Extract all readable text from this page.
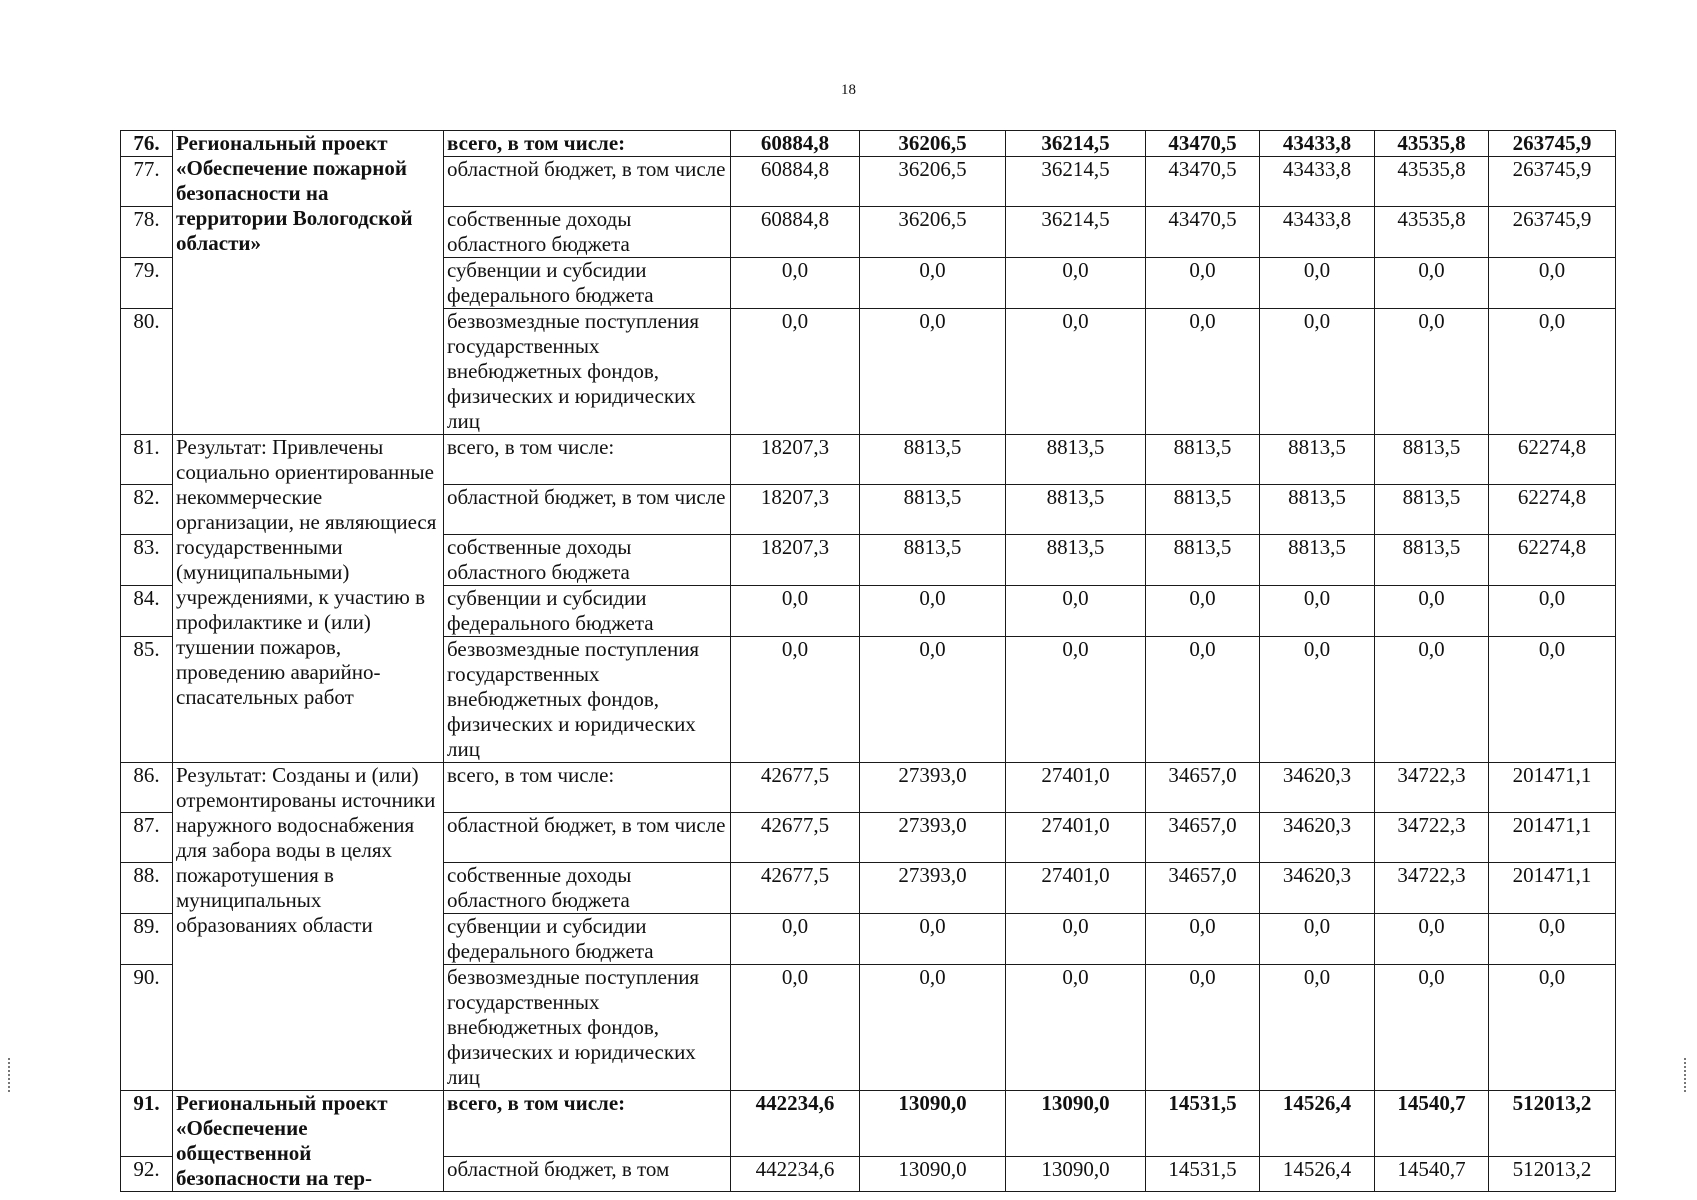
18
76.	Региональный проект «Обеспечение пожарной безопасности на территории Вологодской области»	всего, в том числе:	60884,8	36206,5	36214,5	43470,5	43433,8	43535,8	263745,9
77.		областной бюджет, в том числе	60884,8	36206,5	36214,5	43470,5	43433,8	43535,8	263745,9
78.		собственные доходы областного бюджета	60884,8	36206,5	36214,5	43470,5	43433,8	43535,8	263745,9
79.		субвенции и субсидии федерального бюджета	0,0	0,0	0,0	0,0	0,0	0,0	0,0
80.		безвозмездные поступления государственных внебюджетных фондов, физических и юридических лиц	0,0	0,0	0,0	0,0	0,0	0,0	0,0
81.	Результат: Привлечены социально ориентированные некоммерческие организации, не являющиеся государственными (муниципальными) учреждениями, к участию в профилактике и (или) тушении пожаров, проведению аварийно-спасательных работ	всего, в том числе:	18207,3	8813,5	8813,5	8813,5	8813,5	8813,5	62274,8
82.		областной бюджет, в том числе	18207,3	8813,5	8813,5	8813,5	8813,5	8813,5	62274,8
83.		собственные доходы областного бюджета	18207,3	8813,5	8813,5	8813,5	8813,5	8813,5	62274,8
84.		субвенции и субсидии федерального бюджета	0,0	0,0	0,0	0,0	0,0	0,0	0,0
85.		безвозмездные поступления государственных внебюджетных фондов, физических и юридических лиц	0,0	0,0	0,0	0,0	0,0	0,0	0,0
86.	Результат: Созданы и (или) отремонтированы источники наружного водоснабжения для забора воды в целях пожаротушения в муниципальных образованиях области	всего, в том числе:	42677,5	27393,0	27401,0	34657,0	34620,3	34722,3	201471,1
87.		областной бюджет, в том числе	42677,5	27393,0	27401,0	34657,0	34620,3	34722,3	201471,1
88.		собственные доходы областного бюджета	42677,5	27393,0	27401,0	34657,0	34620,3	34722,3	201471,1
89.		субвенции и субсидии федерального бюджета	0,0	0,0	0,0	0,0	0,0	0,0	0,0
90.		безвозмездные поступления государственных внебюджетных фондов, физических и юридических лиц	0,0	0,0	0,0	0,0	0,0	0,0	0,0
91.	Региональный проект «Обеспечение общественной безопасности на тер-	всего, в том числе:	442234,6	13090,0	13090,0	14531,5	14526,4	14540,7	512013,2
92.		областной бюджет, в том	442234,6	13090,0	13090,0	14531,5	14526,4	14540,7	512013,2
